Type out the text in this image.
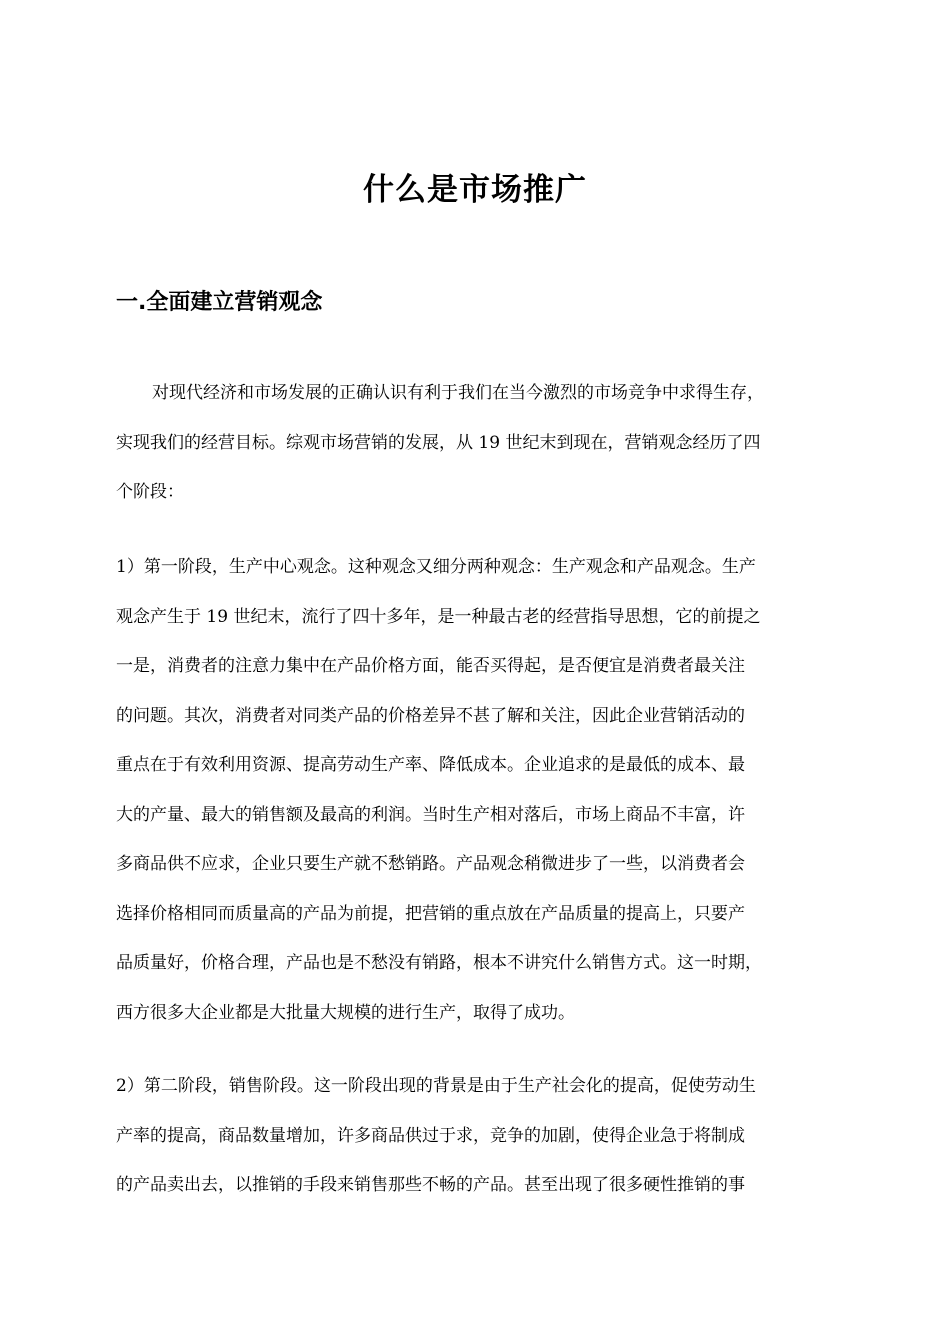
什么是市场推广
一.全面建立营销观念

对现代经济和市场发展的正确认识有利于我们在当今激烈的市场竞争中求得生存，
实现我们的经营目标。综观市场营销的发展，从 19 世纪末到现在，营销观念经历了四
个阶段：

1）第一阶段，生产中心观念。这种观念又细分两种观念：生产观念和产品观念。生产
观念产生于 19 世纪末，流行了四十多年，是一种最古老的经营指导思想，它的前提之
一是，消费者的注意力集中在产品价格方面，能否买得起，是否便宜是消费者最关注
的问题。其次，消费者对同类产品的价格差异不甚了解和关注，因此企业营销活动的
重点在于有效利用资源、提高劳动生产率、降低成本。企业追求的是最低的成本、最
大的产量、最大的销售额及最高的利润。当时生产相对落后，市场上商品不丰富，许
多商品供不应求，企业只要生产就不愁销路。产品观念稍微进步了一些，以消费者会
选择价格相同而质量高的产品为前提，把营销的重点放在产品质量的提高上，只要产
品质量好，价格合理，产品也是不愁没有销路，根本不讲究什么销售方式。这一时期，
西方很多大企业都是大批量大规模的进行生产，取得了成功。

2）第二阶段，销售阶段。这一阶段出现的背景是由于生产社会化的提高，促使劳动生
产率的提高，商品数量增加，许多商品供过于求，竞争的加剧，使得企业急于将制成
的产品卖出去，以推销的手段来销售那些不畅的产品。甚至出现了很多硬性推销的事
